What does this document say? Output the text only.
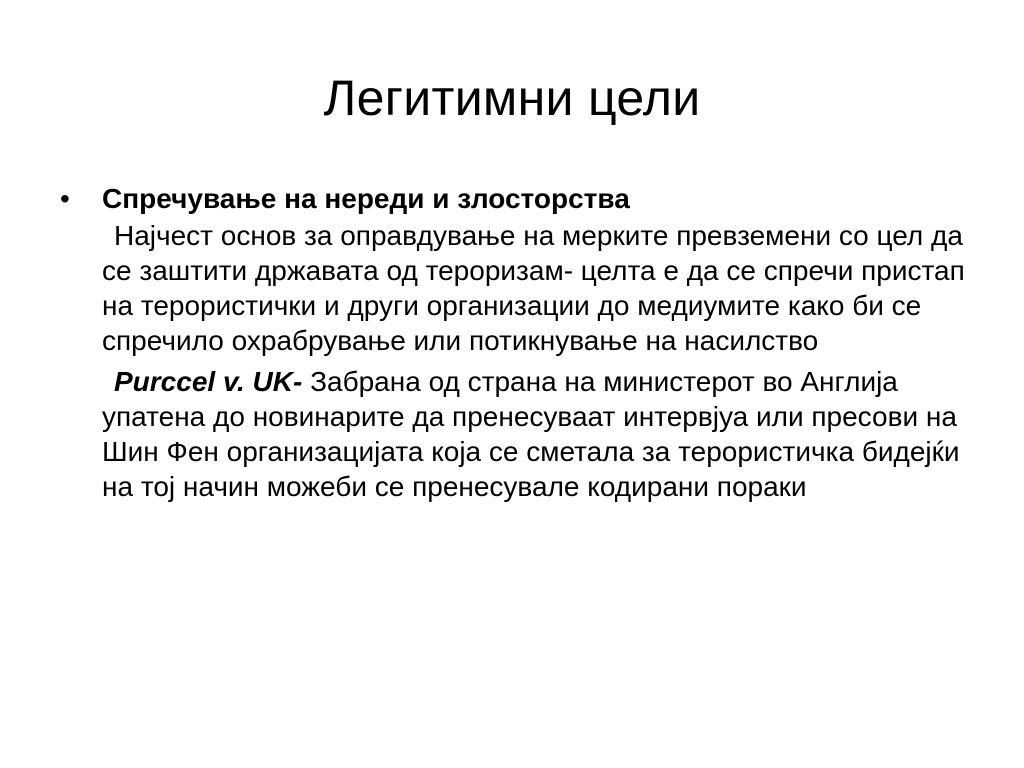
Легитимни цели
• Спречување на нереди и злосторства
Најчест основ за оправдување на мерките превземени со цел да се заштити државата од тероризам- целта е да се спречи пристап на терористички и други организации до медиумите како би се спречило охрабрување или потикнување на насилство
Purccel v. UK- Забрана од страна на министерот во Англија упатена до новинарите да пренесуваат интервјуа или пресови на Шин Фен организацијата која се сметала за терористичка бидејќи на тој начин можеби се пренесувале кодирани пораки
